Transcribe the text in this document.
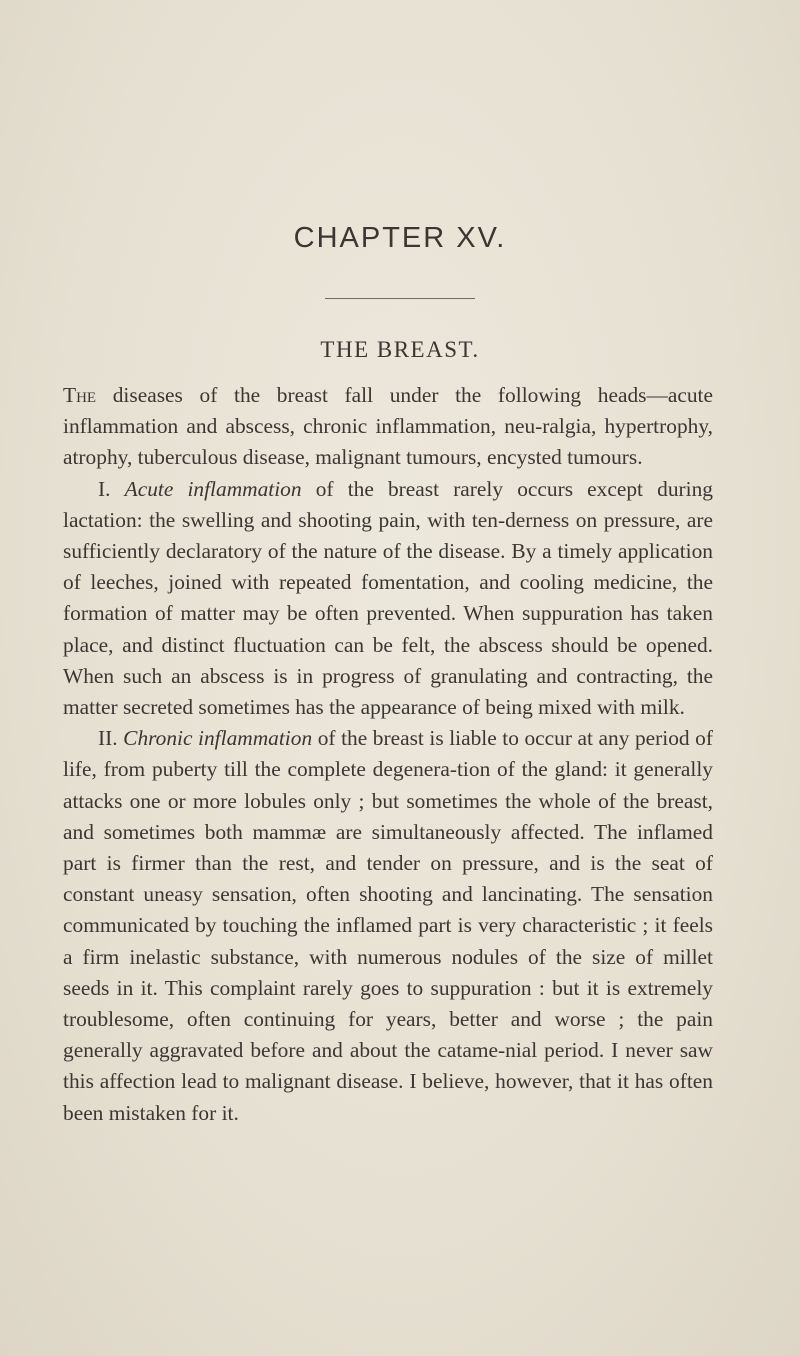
CHAPTER XV.
THE BREAST.

The diseases of the breast fall under the following heads—acute inflammation and abscess, chronic inflammation, neu-ralgia, hypertrophy, atrophy, tuberculous disease, malignant tumours, encysted tumours.

I. Acute inflammation of the breast rarely occurs except during lactation: the swelling and shooting pain, with ten-derness on pressure, are sufficiently declaratory of the nature of the disease. By a timely application of leeches, joined with repeated fomentation, and cooling medicine, the formation of matter may be often prevented. When suppuration has taken place, and distinct fluctuation can be felt, the abscess should be opened. When such an abscess is in progress of granulating and contracting, the matter secreted sometimes has the appearance of being mixed with milk.

II. Chronic inflammation of the breast is liable to occur at any period of life, from puberty till the complete degenera-tion of the gland: it generally attacks one or more lobules only ; but sometimes the whole of the breast, and sometimes both mammæ are simultaneously affected. The inflamed part is firmer than the rest, and tender on pressure, and is the seat of constant uneasy sensation, often shooting and lancinating. The sensation communicated by touching the inflamed part is very characteristic ; it feels a firm inelastic substance, with numerous nodules of the size of millet seeds in it. This complaint rarely goes to suppuration : but it is extremely troublesome, often continuing for years, better and worse ; the pain generally aggravated before and about the catame-nial period. I never saw this affection lead to malignant disease. I believe, however, that it has often been mistaken for it.
